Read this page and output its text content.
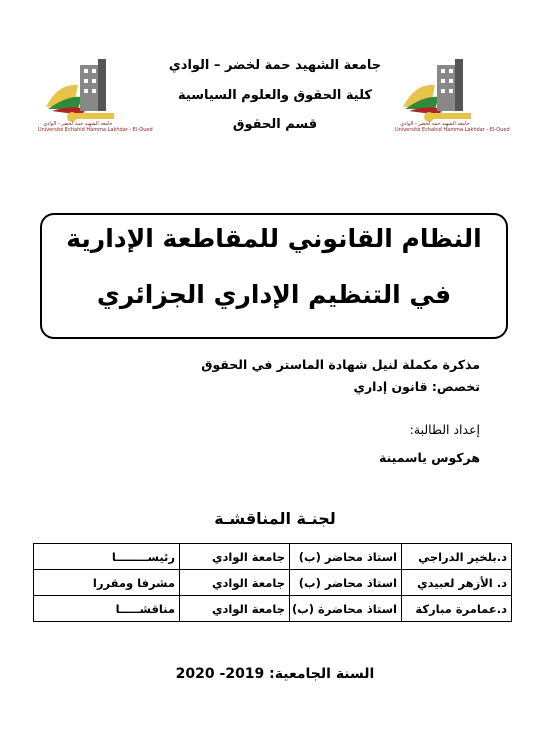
جامعة الشهيد حمة لخضر - الوادي
Université Echahid Hamma Lakhdar - El-Oued
جامعة الشهيد حمة لخضر - الوادي
Université Echahid Hamma Lakhdar - El-Oued
جامعة الشهيد حمة لخضر – الوادي
كلية الحقوق والعلوم السياسية
قسم الحقوق
النظام القانوني للمقاطعة الإدارية
في التنظيم الإداري الجزائري
مذكرة مكملة لنيل شهادة الماستر في الحقوق
تخصص: قانون إداري
إعداد الطالبة:
هركوس ياسمينة
لجنـة المناقشـة
د.بلخير الدراجي	استاذ محاضر (ب)	جامعة الوادي	رئيســــــــا
د. الأزهر لعبيدي	استاذ محاضر (ب)	جامعة الوادي	مشرفا ومقررا
د.عمامرة مباركة	استاذ محاضرة (ب)	جامعة الوادي	مناقشـــــا
السنة الجامعية: 2019- 2020
